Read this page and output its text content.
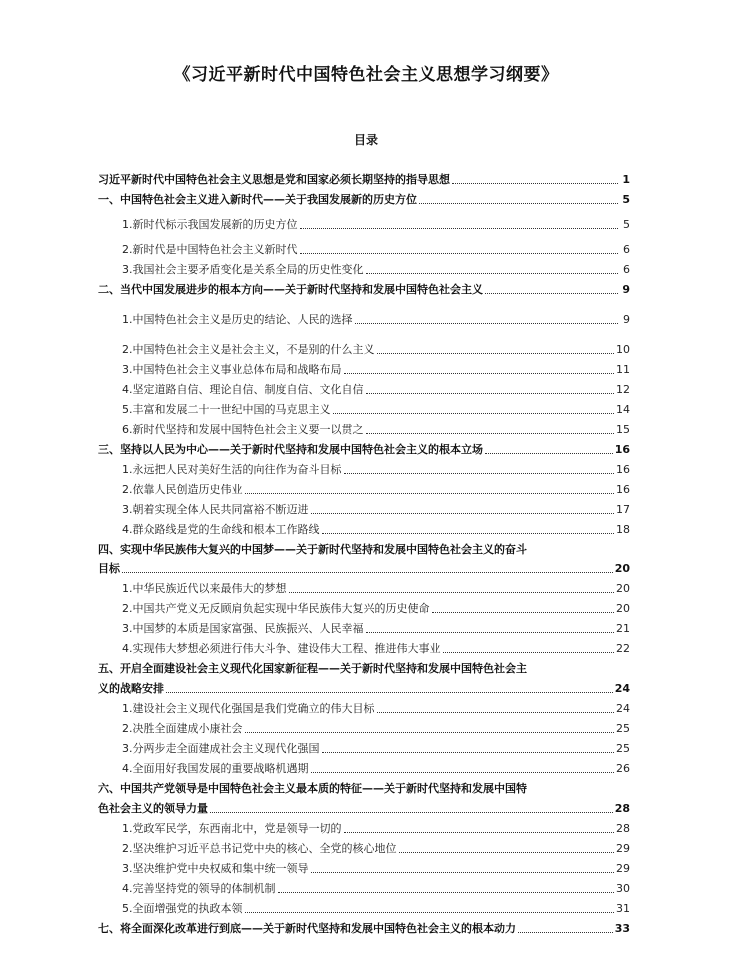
《习近平新时代中国特色社会主义思想学习纲要》
目录
习近平新时代中国特色社会主义思想是党和国家必须长期坚持的指导思想	1
一、中国特色社会主义进入新时代——关于我国发展新的历史方位	5
1.新时代标示我国发展新的历史方位	5
2.新时代是中国特色社会主义新时代	6
3.我国社会主要矛盾变化是关系全局的历史性变化	6
二、当代中国发展进步的根本方向——关于新时代坚持和发展中国特色社会主义	9
1.中国特色社会主义是历史的结论、人民的选择	9
2.中国特色社会主义是社会主义，不是别的什么主义	10
3.中国特色社会主义事业总体布局和战略布局	11
4.坚定道路自信、理论自信、制度自信、文化自信	12
5.丰富和发展二十一世纪中国的马克思主义	14
6.新时代坚持和发展中国特色社会主义要一以贯之	15
三、坚持以人民为中心——关于新时代坚持和发展中国特色社会主义的根本立场	16
1.永远把人民对美好生活的向往作为奋斗目标	16
2.依靠人民创造历史伟业	16
3.朝着实现全体人民共同富裕不断迈进	17
4.群众路线是党的生命线和根本工作路线	18
四、实现中华民族伟大复兴的中国梦——关于新时代坚持和发展中国特色社会主义的奋斗
目标	20
1.中华民族近代以来最伟大的梦想	20
2.中国共产党义无反顾肩负起实现中华民族伟大复兴的历史使命	20
3.中国梦的本质是国家富强、民族振兴、人民幸福	21
4.实现伟大梦想必须进行伟大斗争、建设伟大工程、推进伟大事业	22
五、开启全面建设社会主义现代化国家新征程——关于新时代坚持和发展中国特色社会主
义的战略安排	24
1.建设社会主义现代化强国是我们党确立的伟大目标	24
2.决胜全面建成小康社会	25
3.分两步走全面建成社会主义现代化强国	25
4.全面用好我国发展的重要战略机遇期	26
六、中国共产党领导是中国特色社会主义最本质的特征——关于新时代坚持和发展中国特
色社会主义的领导力量	28
1.党政军民学，东西南北中，党是领导一切的	28
2.坚决维护习近平总书记党中央的核心、全党的核心地位	29
3.坚决维护党中央权威和集中统一领导	29
4.完善坚持党的领导的体制机制	30
5.全面增强党的执政本领	31
七、将全面深化改革进行到底——关于新时代坚持和发展中国特色社会主义的根本动力	33
